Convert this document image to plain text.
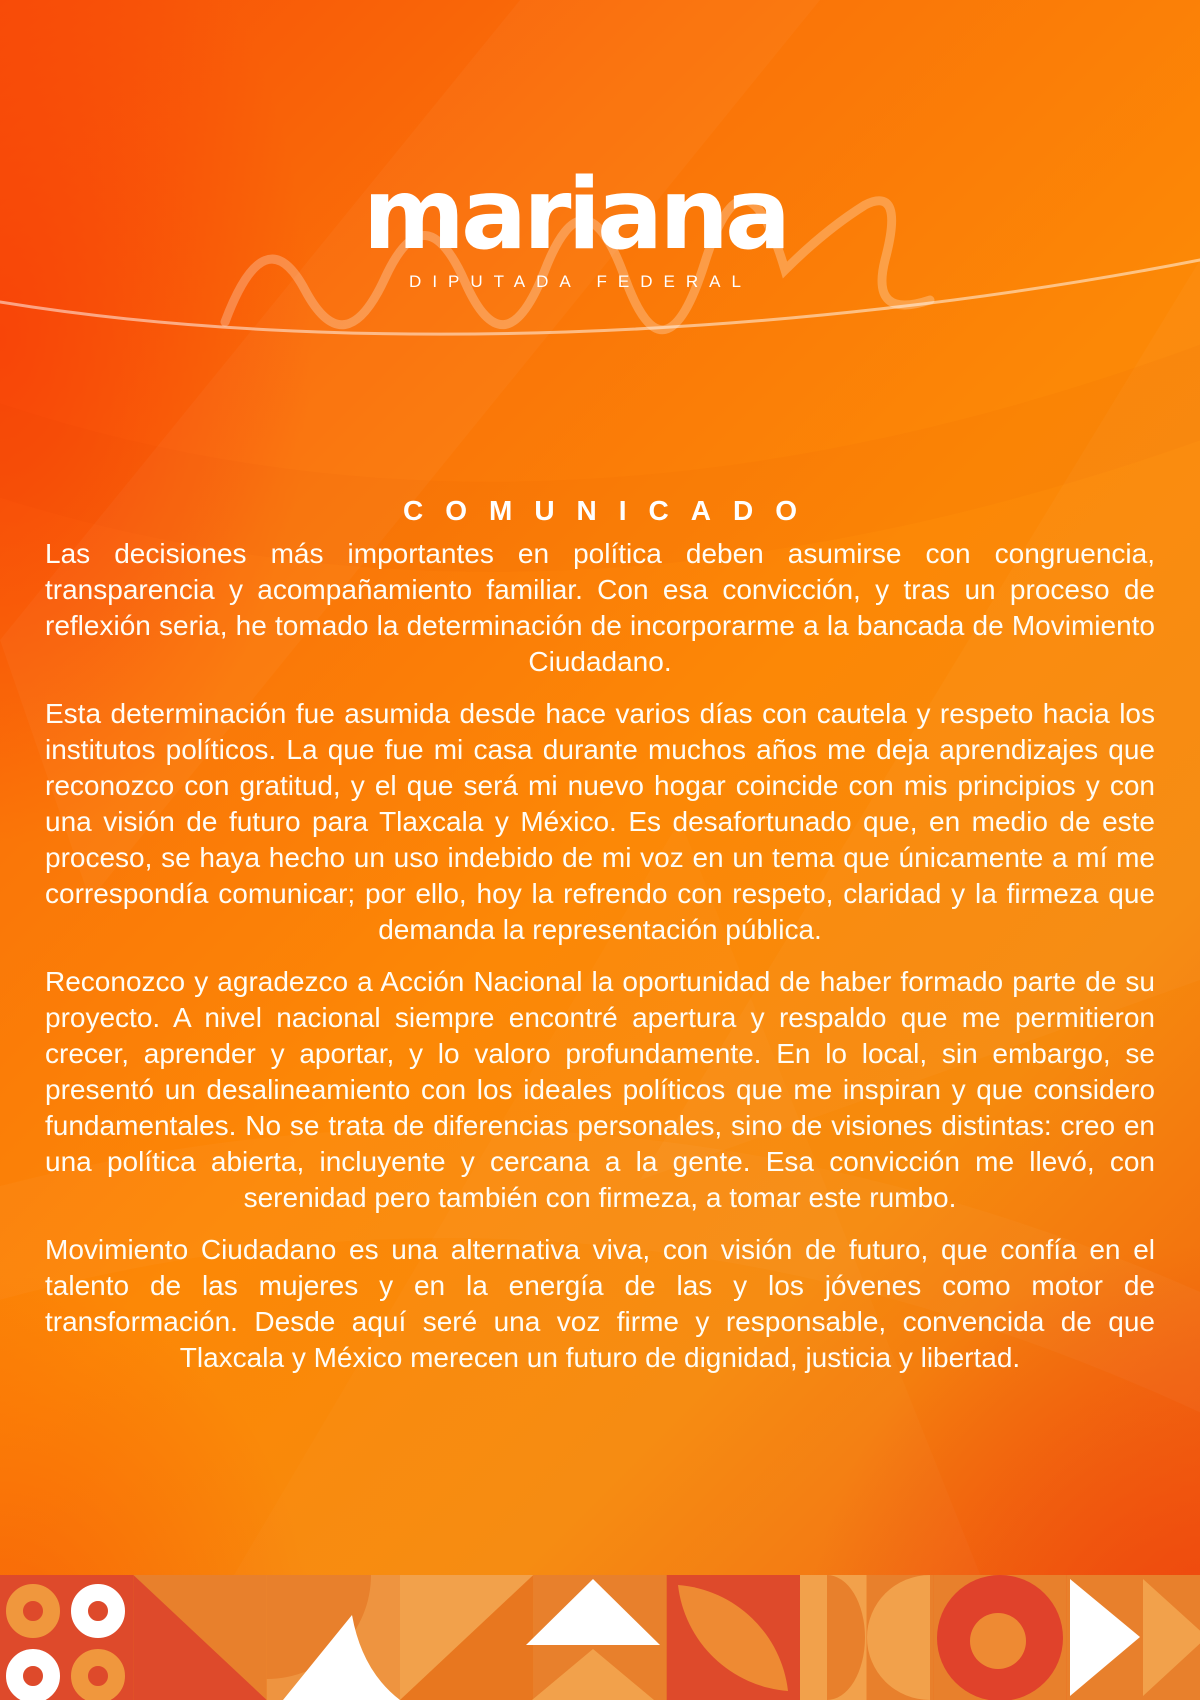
mariana
DIPUTADA FEDERAL
COMUNICADO

Las decisiones más importantes en política deben asumirse con congruencia, transparencia y acompañamiento familiar. Con esa convicción, y tras un proceso de reflexión seria, he tomado la determinación de incorporarme a la bancada de Movimiento Ciudadano.

Esta determinación fue asumida desde hace varios días con cautela y respeto hacia los institutos políticos. La que fue mi casa durante muchos años me deja aprendizajes que reconozco con gratitud, y el que será mi nuevo hogar coincide con mis principios y con una visión de futuro para Tlaxcala y México. Es desafortunado que, en medio de este proceso, se haya hecho un uso indebido de mi voz en un tema que únicamente a mí me correspondía comunicar; por ello, hoy la refrendo con respeto, claridad y la firmeza que demanda la representación pública.

Reconozco y agradezco a Acción Nacional la oportunidad de haber formado parte de su proyecto. A nivel nacional siempre encontré apertura y respaldo que me permitieron crecer, aprender y aportar, y lo valoro profundamente. En lo local, sin embargo, se presentó un desalineamiento con los ideales políticos que me inspiran y que considero fundamentales. No se trata de diferencias personales, sino de visiones distintas: creo en una política abierta, incluyente y cercana a la gente. Esa convicción me llevó, con serenidad pero también con firmeza, a tomar este rumbo.

Movimiento Ciudadano es una alternativa viva, con visión de futuro, que confía en el talento de las mujeres y en la energía de las y los jóvenes como motor de transformación. Desde aquí seré una voz firme y responsable, convencida de que Tlaxcala y México merecen un futuro de dignidad, justicia y libertad.
